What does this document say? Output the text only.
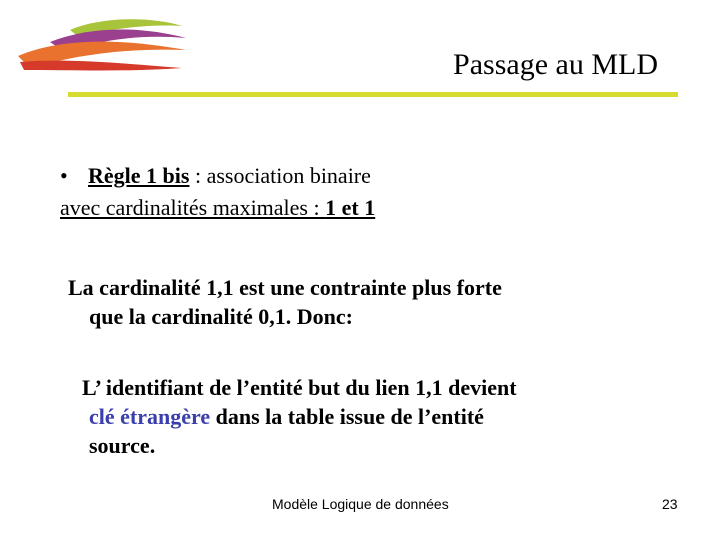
Passage au MLD
• Règle 1 bis : association binaire
avec cardinalités maximales : 1 et 1
La cardinalité 1,1 est une contrainte plus forte
que la cardinalité 0,1. Donc:
L’ identifiant de l’entité but du lien 1,1 devient
clé étrangère dans la table issue de l’entité
source.
Modèle Logique de données	23
